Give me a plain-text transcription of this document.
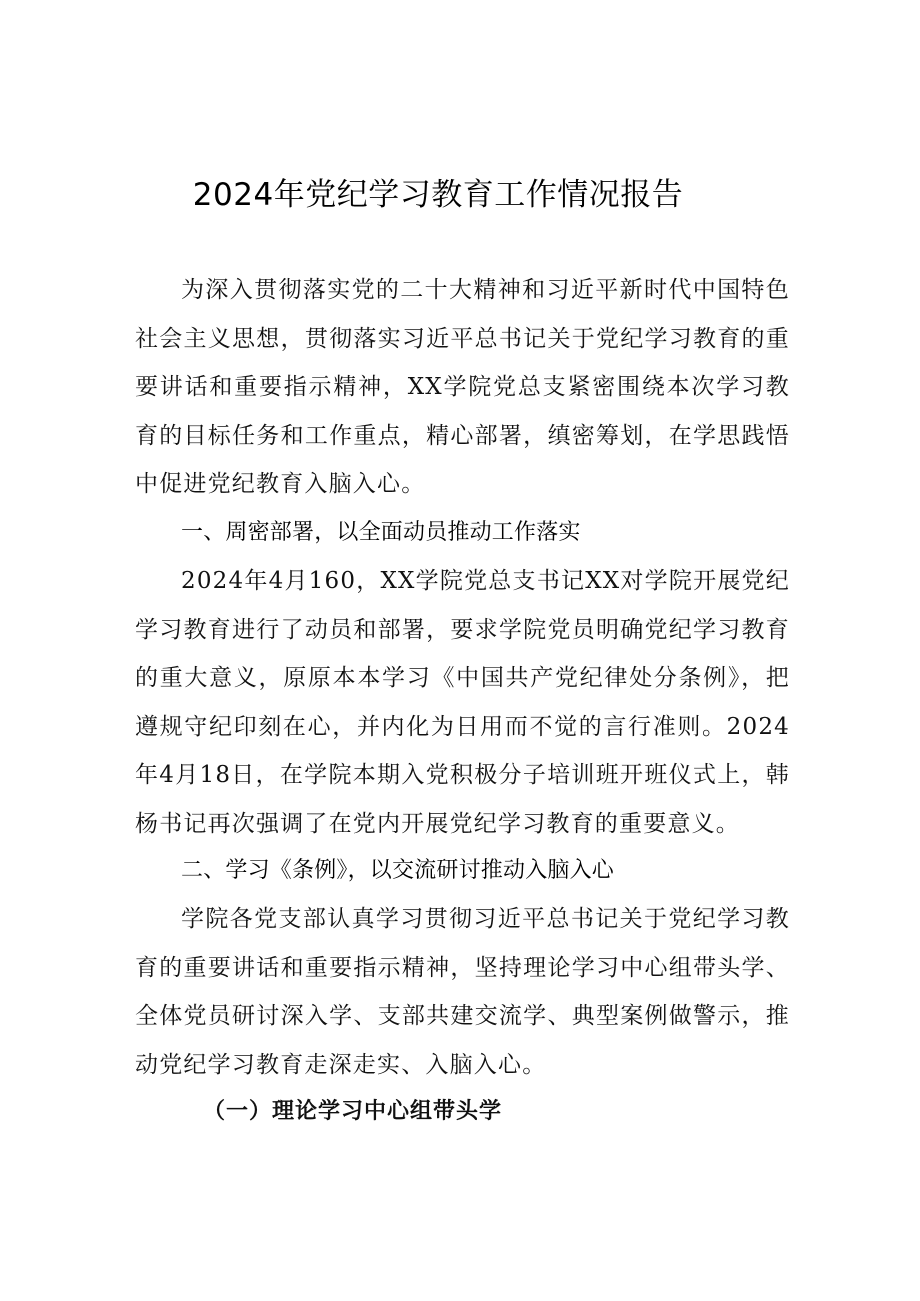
2024年党纪学习教育工作情况报告

为深入贯彻落实党的二十大精神和习近平新时代中国特色社会主义思想，贯彻落实习近平总书记关于党纪学习教育的重要讲话和重要指示精神，XX学院党总支紧密围绕本次学习教育的目标任务和工作重点，精心部署，缜密筹划，在学思践悟中促进党纪教育入脑入心。

一、周密部署，以全面动员推动工作落实

2024年4月160，XX学院党总支书记XX对学院开展党纪学习教育进行了动员和部署，要求学院党员明确党纪学习教育的重大意义，原原本本学习《中国共产党纪律处分条例》，把遵规守纪印刻在心，并内化为日用而不觉的言行准则。2024年4月18日，在学院本期入党积极分子培训班开班仪式上，韩杨书记再次强调了在党内开展党纪学习教育的重要意义。

二、学习《条例》，以交流研讨推动入脑入心

学院各党支部认真学习贯彻习近平总书记关于党纪学习教育的重要讲话和重要指示精神，坚持理论学习中心组带头学、全体党员研讨深入学、支部共建交流学、典型案例做警示，推动党纪学习教育走深走实、入脑入心。

（一）理论学习中心组带头学
